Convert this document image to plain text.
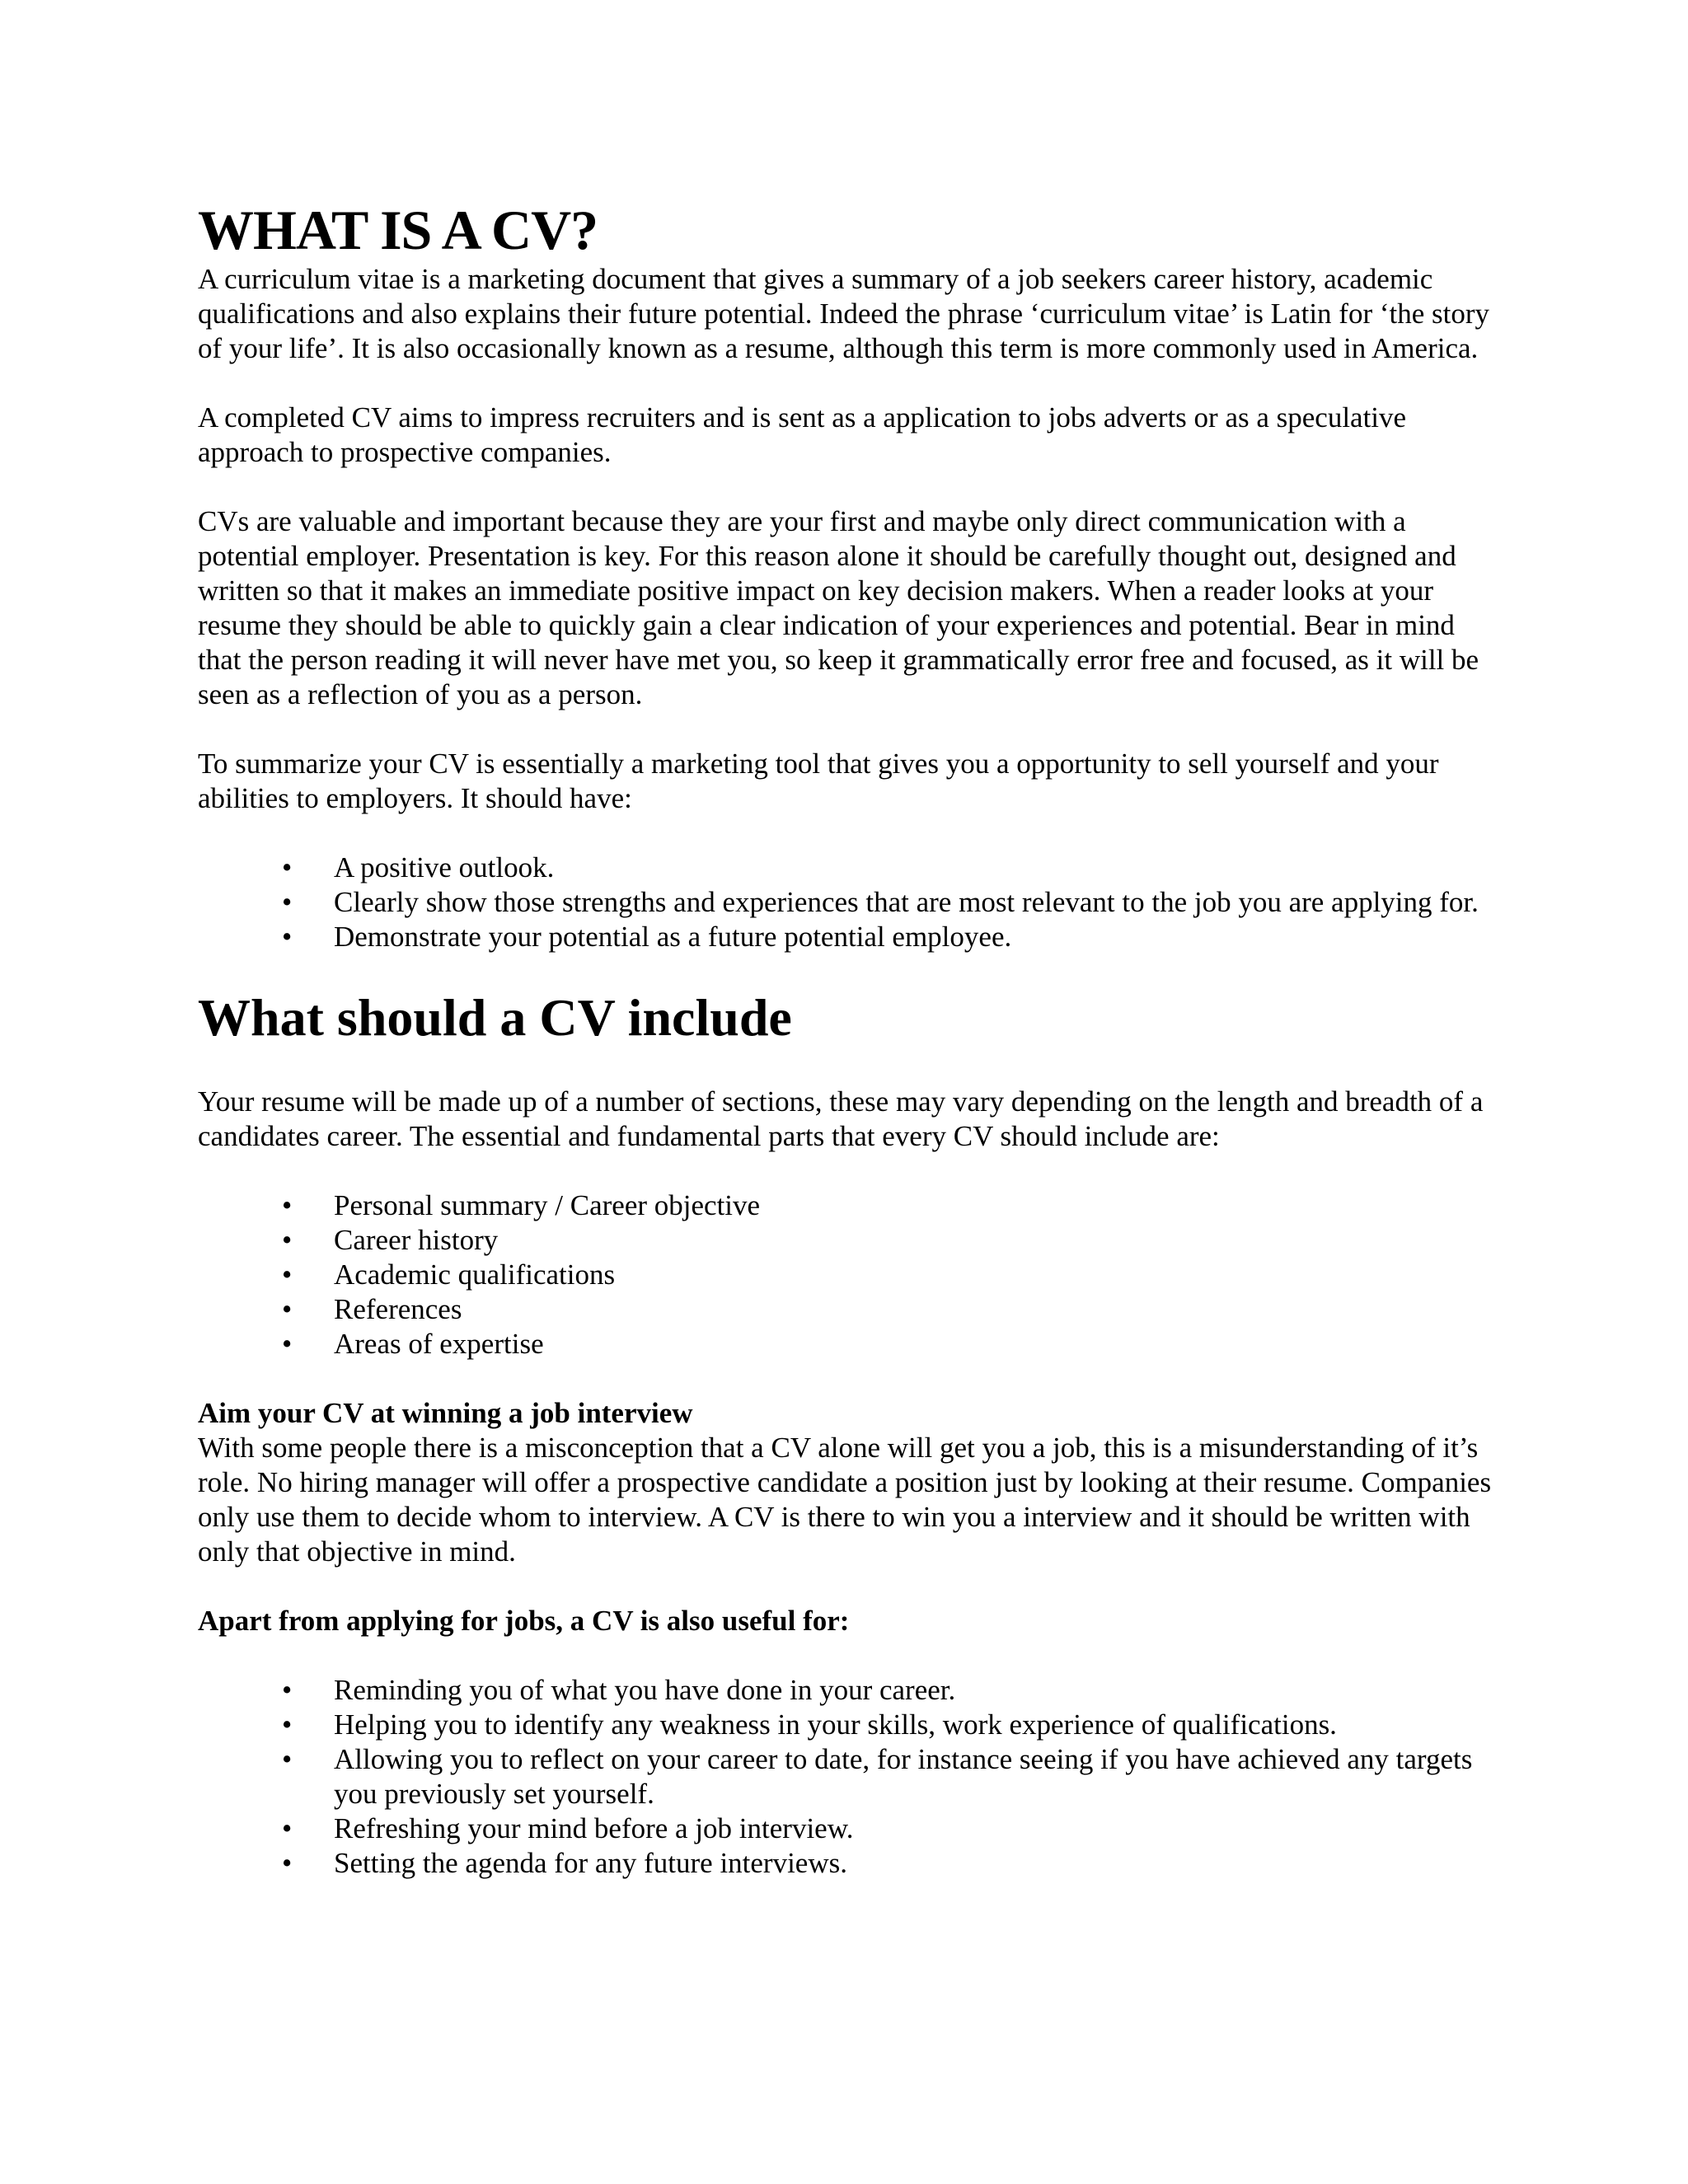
WHAT IS A CV?

A curriculum vitae is a marketing document that gives a summary of a job seekers career history, academic qualifications and also explains their future potential. Indeed the phrase ‘curriculum vitae’ is Latin for ‘the story of your life’. It is also occasionally known as a resume, although this term is more commonly used in America.

A completed CV aims to impress recruiters and is sent as a application to jobs adverts or as a speculative approach to prospective companies.

CVs are valuable and important because they are your first and maybe only direct communication with a potential employer. Presentation is key. For this reason alone it should be carefully thought out, designed and written so that it makes an immediate positive impact on key decision makers. When a reader looks at your resume they should be able to quickly gain a clear indication of your experiences and potential. Bear in mind that the person reading it will never have met you, so keep it grammatically error free and focused, as it will be seen as a reflection of you as a person.

To summarize your CV is essentially a marketing tool that gives you a opportunity to sell yourself and your abilities to employers. It should have:

• A positive outlook.
• Clearly show those strengths and experiences that are most relevant to the job you are applying for.
• Demonstrate your potential as a future potential employee.
What should a CV include

Your resume will be made up of a number of sections, these may vary depending on the length and breadth of a candidates career. The essential and fundamental parts that every CV should include are:

• Personal summary / Career objective
• Career history
• Academic qualifications
• References
• Areas of expertise

Aim your CV at winning a job interview

With some people there is a misconception that a CV alone will get you a job, this is a misunderstanding of it’s role. No hiring manager will offer a prospective candidate a position just by looking at their resume. Companies only use them to decide whom to interview. A CV is there to win you a interview and it should be written with only that objective in mind.

Apart from applying for jobs, a CV is also useful for:

• Reminding you of what you have done in your career.
• Helping you to identify any weakness in your skills, work experience of qualifications.
• Allowing you to reflect on your career to date, for instance seeing if you have achieved any targets you previously set yourself.
• Refreshing your mind before a job interview.
• Setting the agenda for any future interviews.
